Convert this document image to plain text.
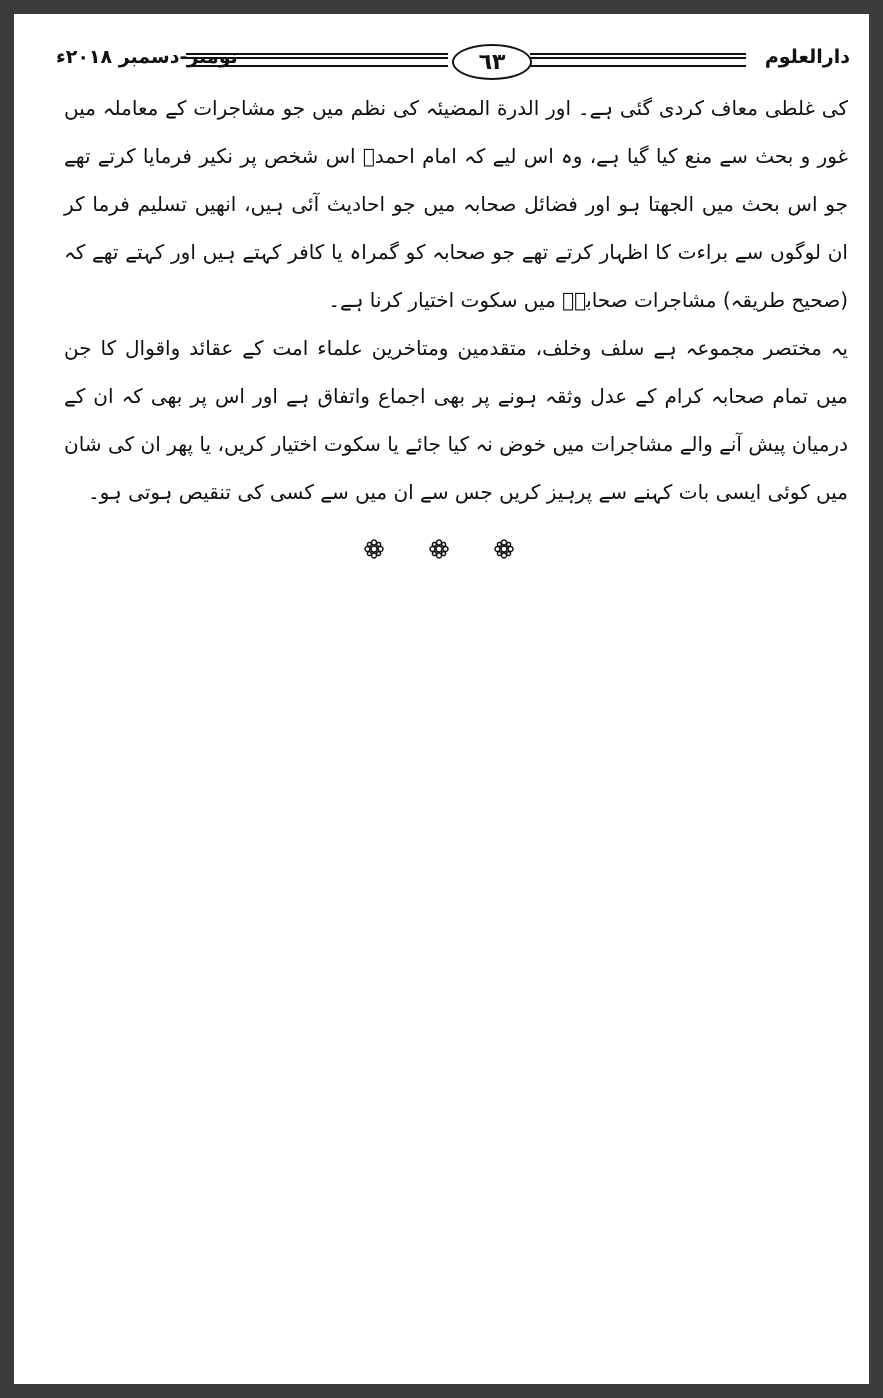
نومبر-دسمبر ۲۰۱۸ء	٦٣	دارالعلوم

کی غلطی معاف کردی گئی ہے۔ اور الدرة المضيئہ کی نظم میں جو مشاجرات کے معاملہ میں غور و بحث سے منع کیا گیا ہے، وہ اس لیے کہ امام احمدؒ اس شخص پر نکیر فرمایا کرتے تھے جو اس بحث میں الجھتا ہو اور فضائل صحابہ میں جو احادیث آئی ہیں، انھیں تسلیم فرما کر ان لوگوں سے براءت کا اظہار کرتے تھے جو صحابہ کو گمراہ یا کافر کہتے ہیں اور کہتے تھے کہ (صحیح طریقہ) مشاجرات صحابہؓ میں سکوت اختیار کرنا ہے۔

یہ مختصر مجموعہ ہے سلف وخلف، متقدمین ومتاخرین علماء امت کے عقائد واقوال کا جن میں تمام صحابہ کرام کے عدل وثقہ ہونے پر بھی اجماع واتفاق ہے اور اس پر بھی کہ ان کے درمیان پیش آنے والے مشاجرات میں خوض نہ کیا جائے یا سکوت اختیار کریں، یا پھر ان کی شان میں کوئی ایسی بات کہنے سے پرہیز کریں جس سے ان میں سے کسی کی تنقیص ہوتی ہو۔
